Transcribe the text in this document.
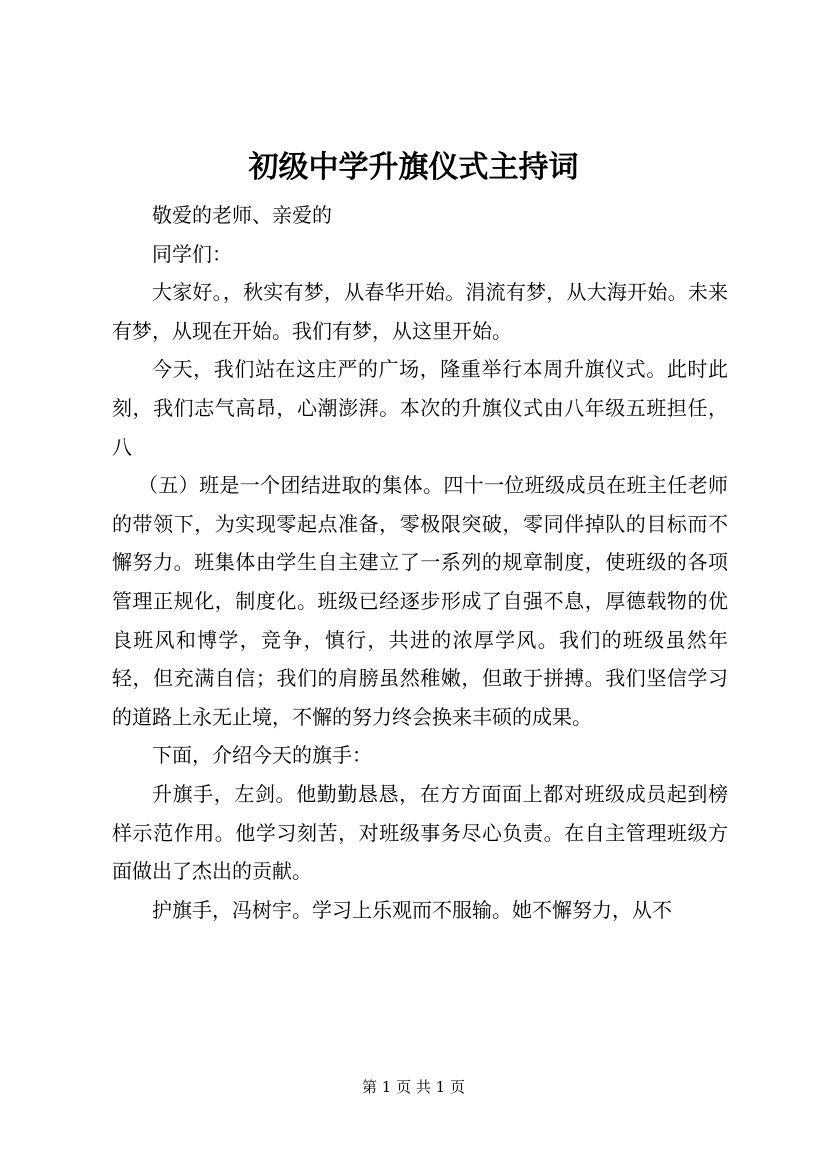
初级中学升旗仪式主持词

敬爱的老师、亲爱的

同学们：

大家好。，秋实有梦，从春华开始。涓流有梦，从大海开始。未来有梦，从现在开始。我们有梦，从这里开始。

今天，我们站在这庄严的广场，隆重举行本周升旗仪式。此时此刻，我们志气高昂，心潮澎湃。本次的升旗仪式由八年级五班担任，八

（五）班是一个团结进取的集体。四十一位班级成员在班主任老师的带领下，为实现零起点准备，零极限突破，零同伴掉队的目标而不懈努力。班集体由学生自主建立了一系列的规章制度，使班级的各项管理正规化，制度化。班级已经逐步形成了自强不息，厚德载物的优良班风和博学，竞争，慎行，共进的浓厚学风。我们的班级虽然年轻，但充满自信；我们的肩膀虽然稚嫩，但敢于拼搏。我们坚信学习的道路上永无止境，不懈的努力终会换来丰硕的成果。

下面，介绍今天的旗手：

升旗手，左剑。他勤勤恳恳，在方方面面上都对班级成员起到榜样示范作用。他学习刻苦，对班级事务尽心负责。在自主管理班级方面做出了杰出的贡献。

护旗手，冯树宇。学习上乐观而不服输。她不懈努力，从不

第 1 页 共 1 页
